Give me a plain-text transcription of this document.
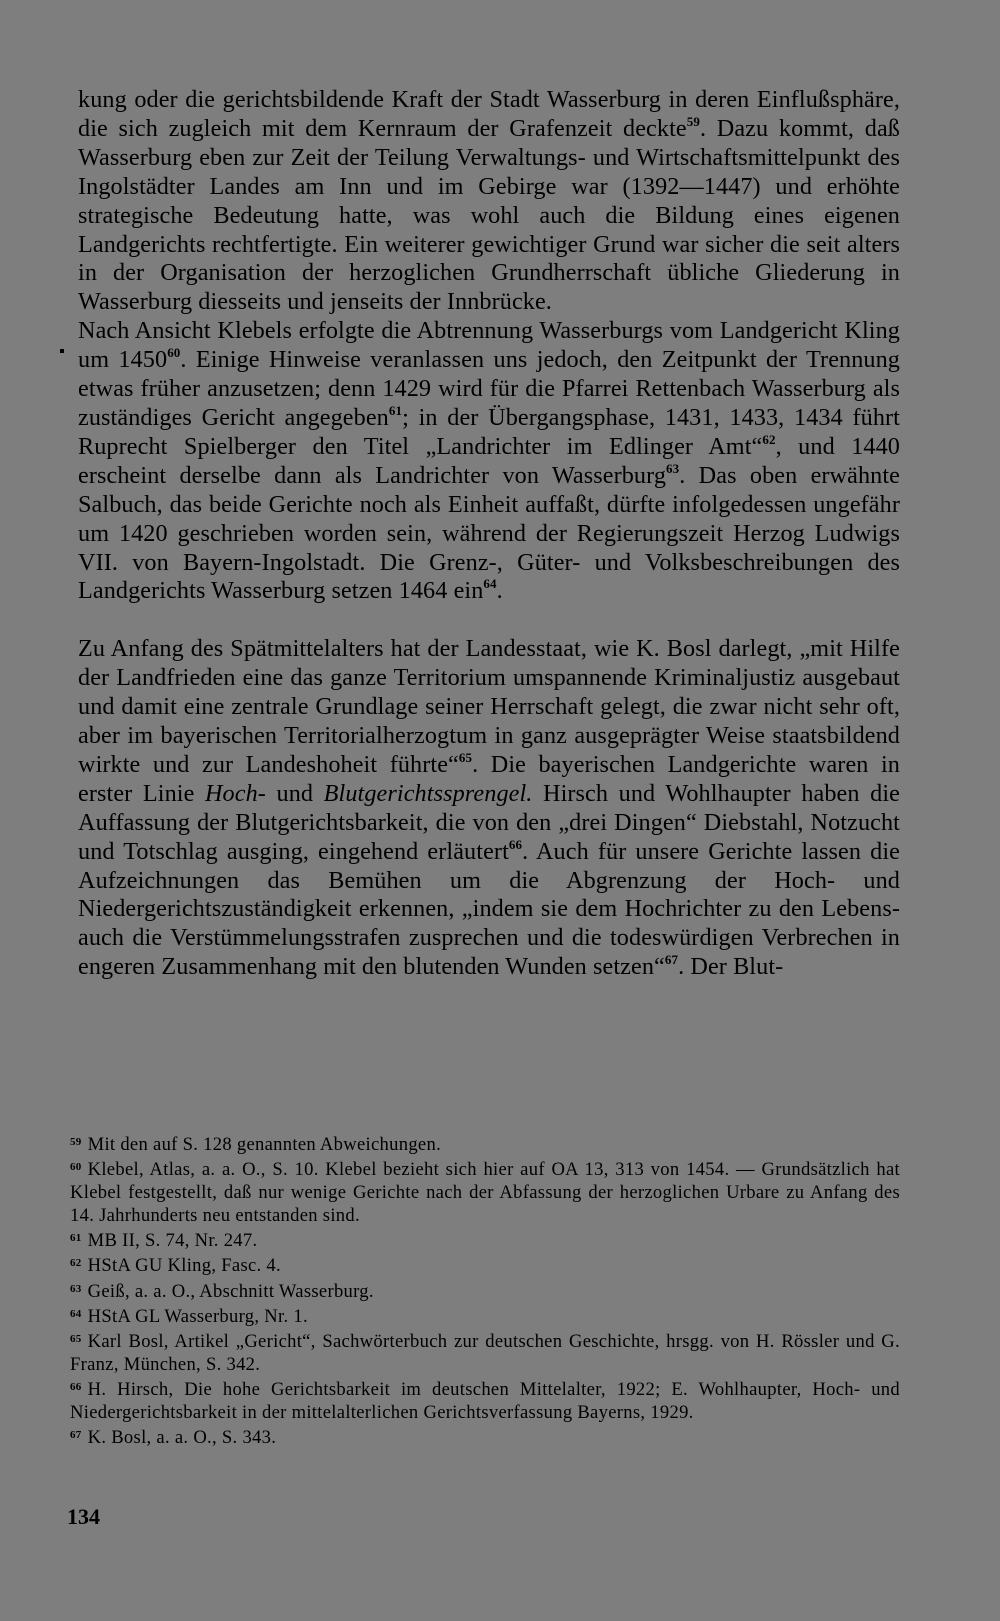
kung oder die gerichtsbildende Kraft der Stadt Wasserburg in deren Einflußsphäre, die sich zugleich mit dem Kernraum der Grafenzeit deckte$^{59}$. Dazu kommt, daß Wasserburg eben zur Zeit der Teilung Verwaltungs- und Wirtschaftsmittelpunkt des Ingolstädter Landes am Inn und im Gebirge war (1392—1447) und erhöhte strategische Bedeutung hatte, was wohl auch die Bildung eines eigenen Landgerichts rechtfertigte. Ein weiterer gewichtiger Grund war sicher die seit alters in der Organisation der herzoglichen Grundherrschaft übliche Gliederung in Wasserburg diesseits und jenseits der Innbrücke.

Nach Ansicht Klebels erfolgte die Abtrennung Wasserburgs vom Landgericht Kling um 1450$^{60}$. Einige Hinweise veranlassen uns jedoch, den Zeitpunkt der Trennung etwas früher anzusetzen; denn 1429 wird für die Pfarrei Rettenbach Wasserburg als zuständiges Gericht angegeben$^{61}$; in der Übergangsphase, 1431, 1433, 1434 führt Ruprecht Spielberger den Titel „Landrichter im Edlinger Amt“$^{62}$, und 1440 erscheint derselbe dann als Landrichter von Wasserburg$^{63}$. Das oben erwähnte Salbuch, das beide Gerichte noch als Einheit auffaßt, dürfte infolgedessen ungefähr um 1420 geschrieben worden sein, während der Regierungszeit Herzog Ludwigs VII. von Bayern-Ingolstadt. Die Grenz-, Güter- und Volksbeschreibungen des Landgerichts Wasserburg setzen 1464 ein$^{64}$.

Zu Anfang des Spätmittelalters hat der Landesstaat, wie K. Bosl darlegt, „mit Hilfe der Landfrieden eine das ganze Territorium umspannende Kriminaljustiz ausgebaut und damit eine zentrale Grundlage seiner Herrschaft gelegt, die zwar nicht sehr oft, aber im bayerischen Territorialherzogtum in ganz ausgeprägter Weise staatsbildend wirkte und zur Landeshoheit führte“$^{65}$. Die bayerischen Landgerichte waren in erster Linie Hoch- und Blutgerichtssprengel. Hirsch und Wohlhaupter haben die Auffassung der Blutgerichtsbarkeit, die von den „drei Dingen“ Diebstahl, Notzucht und Totschlag ausging, eingehend erläutert$^{66}$. Auch für unsere Gerichte lassen die Aufzeichnungen das Bemühen um die Abgrenzung der Hoch- und Niedergerichtszuständigkeit erkennen, „indem sie dem Hochrichter zu den Lebens- auch die Verstümmelungsstrafen zusprechen und die todeswürdigen Verbrechen in engeren Zusammenhang mit den blutenden Wunden setzen“$^{67}$. Der Blut-

$^{59}$ Mit den auf S. 128 genannten Abweichungen.

$^{60}$ Klebel, Atlas, a. a. O., S. 10. Klebel bezieht sich hier auf OA 13, 313 von 1454. — Grundsätzlich hat Klebel festgestellt, daß nur wenige Gerichte nach der Abfassung der herzoglichen Urbare zu Anfang des 14. Jahrhunderts neu entstanden sind.

$^{61}$ MB II, S. 74, Nr. 247.

$^{62}$ HStA GU Kling, Fasc. 4.

$^{63}$ Geiß, a. a. O., Abschnitt Wasserburg.

$^{64}$ HStA GL Wasserburg, Nr. 1.

$^{65}$ Karl Bosl, Artikel „Gericht“, Sachwörterbuch zur deutschen Geschichte, hrsgg. von H. Rössler und G. Franz, München, S. 342.

$^{66}$ H. Hirsch, Die hohe Gerichtsbarkeit im deutschen Mittelalter, 1922; E. Wohlhaupter, Hoch- und Niedergerichtsbarkeit in der mittelalterlichen Gerichtsverfassung Bayerns, 1929.

$^{67}$ K. Bosl, a. a. O., S. 343.

134
